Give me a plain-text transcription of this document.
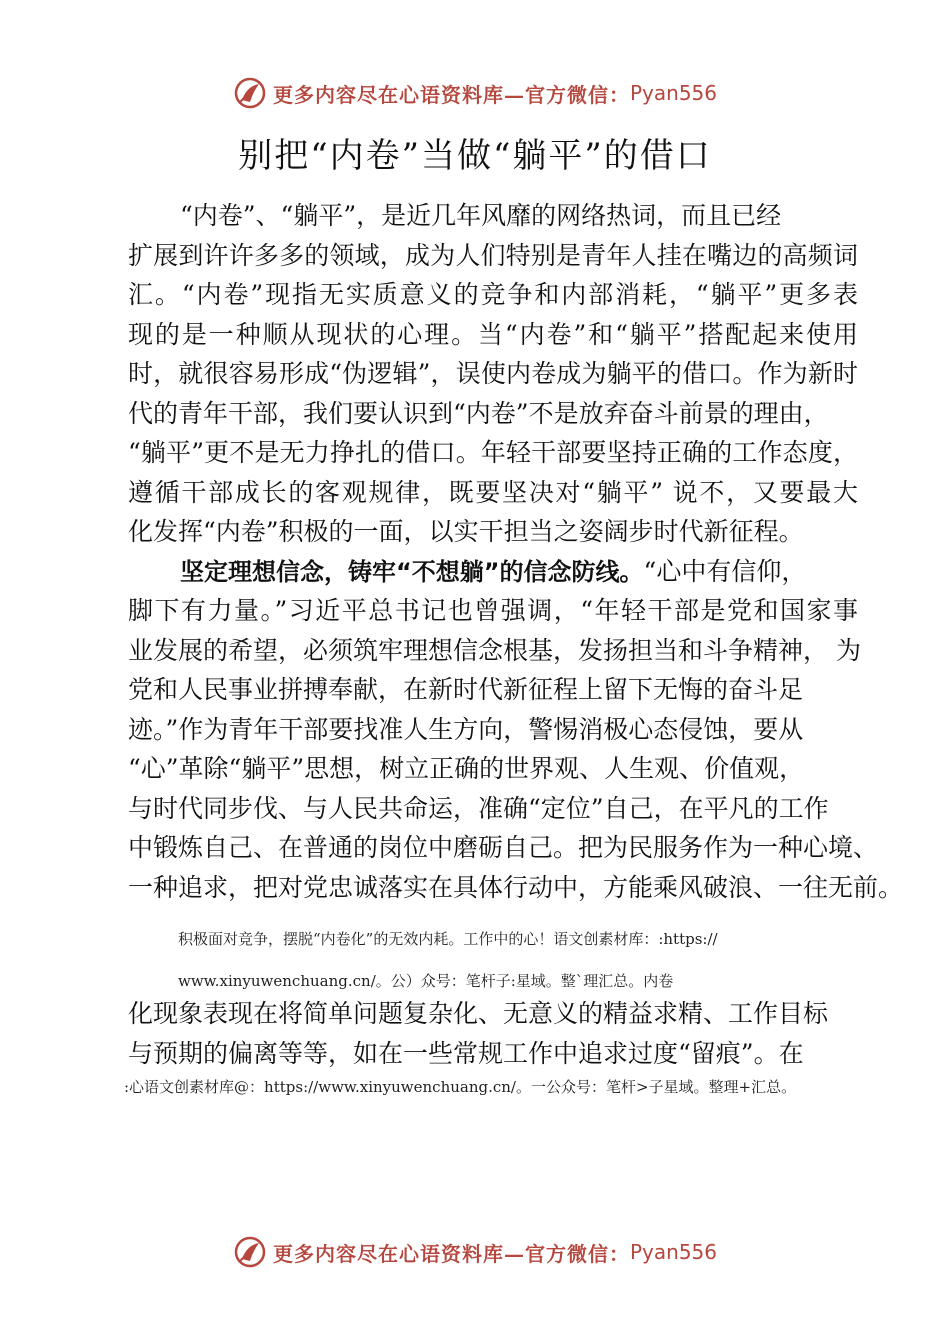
更多内容尽在心语资料库—官方微信： Pyan556
别把“内卷”当做“躺平”的借口
“内卷”、“躺平”，是近几年风靡的网络热词，而且已经
扩展到许许多多的领域，成为人们特别是青年人挂在嘴边的高频词
汇。“内卷”现指无实质意义的竞争和内部消耗，“躺平”更多表
现的是一种顺从现状的心理。当“内卷”和“躺平”搭配起来使用
时，就很容易形成“伪逻辑”，误使内卷成为躺平的借口。作为新时
代的青年干部，我们要认识到“内卷”不是放弃奋斗前景的理由，
“躺平”更不是无力挣扎的借口。年轻干部要坚持正确的工作态度，
遵循干部成长的客观规律，既要坚决对“躺平” 说不，又要最大
化发挥“内卷”积极的一面，以实干担当之姿阔步时代新征程。
坚定理想信念，铸牢“不想躺”的信念防线。“心中有信仰，
脚下有力量。”习近平总书记也曾强调，“年轻干部是党和国家事
业发展的希望，必须筑牢理想信念根基，发扬担当和斗争精神， 为
党和人民事业拼搏奉献，在新时代新征程上留下无悔的奋斗足
迹。”作为青年干部要找准人生方向，警惕消极心态侵蚀，要从
“心”革除“躺平”思想，树立正确的世界观、人生观、价值观，
与时代同步伐、与人民共命运，准确“定位”自己，在平凡的工作
中锻炼自己、在普通的岗位中磨砺自己。把为民服务作为一种心境、
一种追求，把对党忠诚落实在具体行动中，方能乘风破浪、一往无前。
积极面对竞争，摆脱“内卷化”的无效内耗。工作中的心！语文创素材库：:https://
www.xinyuwenchuang.cn/。公）众号：笔杆子:星域。整`理汇总。内卷
化现象表现在将简单问题复杂化、无意义的精益求精、工作目标
与预期的偏离等等，如在一些常规工作中追求过度“留痕”。在
:心语文创素材库@：https://www.xinyuwenchuang.cn/。一公众号：笔杆>子星域。整理+汇总。
更多内容尽在心语资料库—官方微信： Pyan556
